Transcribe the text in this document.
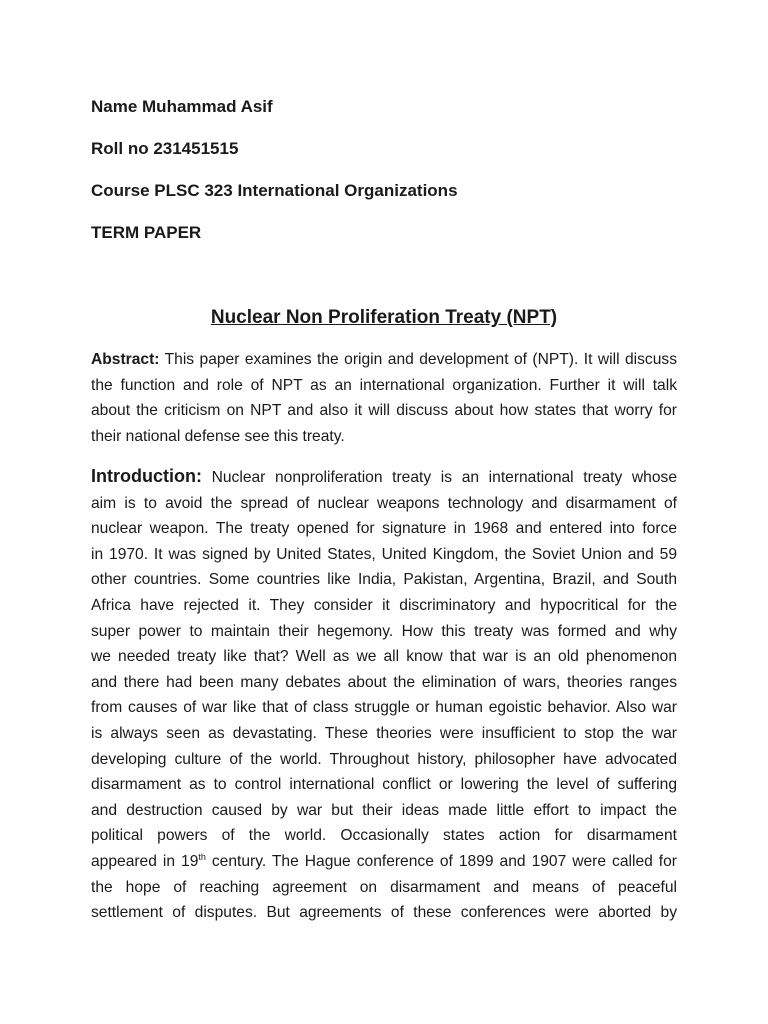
Name Muhammad Asif
Roll no 231451515
Course PLSC 323 International Organizations
TERM PAPER
Nuclear Non Proliferation Treaty (NPT)
Abstract: This paper examines the origin and development of (NPT). It will discuss
the function and role of NPT as an international organization. Further it will talk
about the criticism on NPT and also it will discuss about how states that worry for
their national defense see this treaty.
Introduction: Nuclear nonproliferation treaty is an international treaty whose
aim is to avoid the spread of nuclear weapons technology and disarmament of
nuclear weapon. The treaty opened for signature in 1968 and entered into force
in 1970. It was signed by United States, United Kingdom, the Soviet Union and 59
other countries. Some countries like India, Pakistan, Argentina, Brazil, and South
Africa have rejected it. They consider it discriminatory and hypocritical for the
super power to maintain their hegemony. How this treaty was formed and why
we needed treaty like that? Well as we all know that war is an old phenomenon
and there had been many debates about the elimination of wars, theories ranges
from causes of war like that of class struggle or human egoistic behavior. Also war
is always seen as devastating. These theories were insufficient to stop the war
developing culture of the world. Throughout history, philosopher have advocated
disarmament as to control international conflict or lowering the level of suffering
and destruction caused by war but their ideas made little effort to impact the
political powers of the world. Occasionally states action for disarmament
appeared in 19th century. The Hague conference of 1899 and 1907 were called for
the hope of reaching agreement on disarmament and means of peaceful
settlement of disputes. But agreements of these conferences were aborted by
